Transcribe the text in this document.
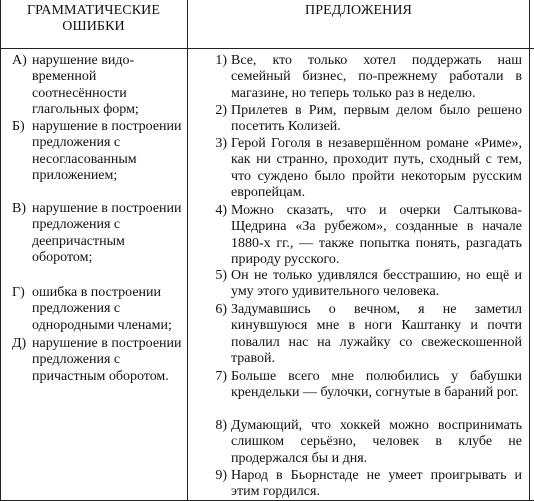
ГРАММАТИЧЕСКИЕ
ОШИБКИ
ПРЕДЛОЖЕНИЯ
А) нарушение видо-временной соотнесённости глагольных форм;
Б) нарушение в построении предложения с несогласованным приложением;
В) нарушение в построении предложения с деепричастным оборотом;
Г) ошибка в построении предложения с однородными членами;
Д) нарушение в построении предложения с причастным оборотом.
1) Все, кто только хотел поддержать наш семейный бизнес, по-прежнему работали в магазине, но теперь только раз в неделю.
2) Прилетев в Рим, первым делом было решено посетить Колизей.
3) Герой Гоголя в незавершённом романе «Риме», как ни странно, проходит путь, сходный с тем, что суждено было пройти некоторым русским европейцам.
4) Можно сказать, что и очерки Салтыкова-Щедрина «За рубежом», созданные в начале 1880-х гг., — также попытка понять, разгадать природу русского.
5) Он не только удивлялся бесстрашию, но ещё и уму этого удивительного человека.
6) Задумавшись о вечном, я не заметил кинувшуюся мне в ноги Каштанку и почти повалил нас на лужайку со свежескошенной травой.
7) Больше всего мне полюбились у бабушки крендельки — булочки, согнутые в бараний рог.
8) Думающий, что хоккей можно воспринимать слишком серьёзно, человек в клубе не продержался бы и дня.
9) Народ в Бьорнстаде не умеет проигрывать и этим гордился.
